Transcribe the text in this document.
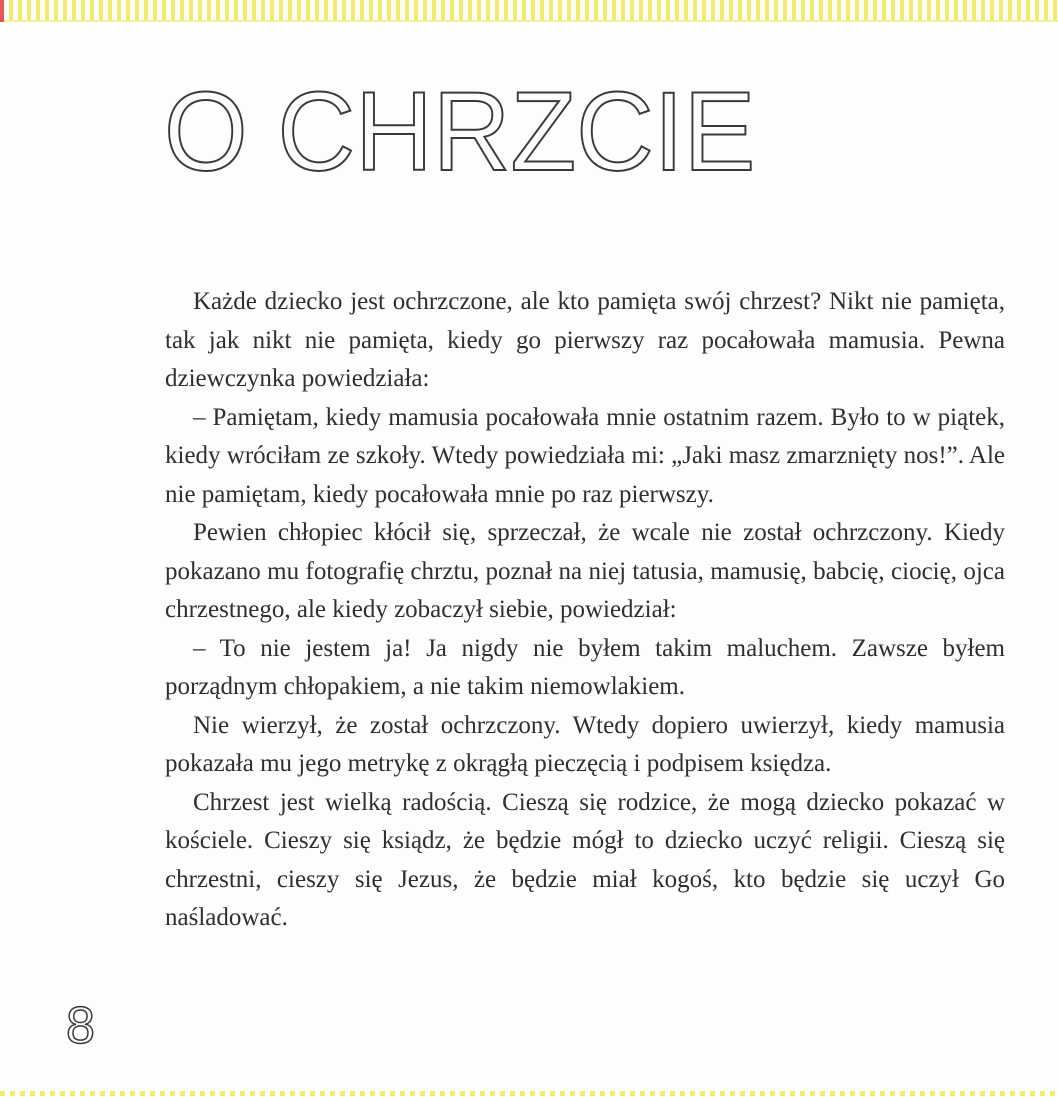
O CHRZCIE

Każde dziecko jest ochrzczone, ale kto pamięta swój chrzest? Nikt nie pamięta, tak jak nikt nie pamięta, kiedy go pierwszy raz pocałowała mamusia. Pewna dziewczynka powiedziała:

– Pamiętam, kiedy mamusia pocałowała mnie ostatnim razem. Było to w piątek, kiedy wróciłam ze szkoły. Wtedy powiedziała mi: „Jaki masz zmarznięty nos!”. Ale nie pamiętam, kiedy pocałowała mnie po raz pierwszy.

Pewien chłopiec kłócił się, sprzeczał, że wcale nie został ochrzczony. Kiedy pokazano mu fotografię chrztu, poznał na niej tatusia, mamusię, babcię, ciocię, ojca chrzestnego, ale kiedy zobaczył siebie, powiedział:

– To nie jestem ja! Ja nigdy nie byłem takim maluchem. Zawsze byłem porządnym chłopakiem, a nie takim niemowlakiem.

Nie wierzył, że został ochrzczony. Wtedy dopiero uwierzył, kiedy mamusia pokazała mu jego metrykę z okrągłą pieczęcią i podpisem księdza.

Chrzest jest wielką radością. Cieszą się rodzice, że mogą dziecko pokazać w kościele. Cieszy się ksiądz, że będzie mógł to dziecko uczyć religii. Cieszą się chrzestni, cieszy się Jezus, że będzie miał kogoś, kto będzie się uczył Go naśladować.

8
